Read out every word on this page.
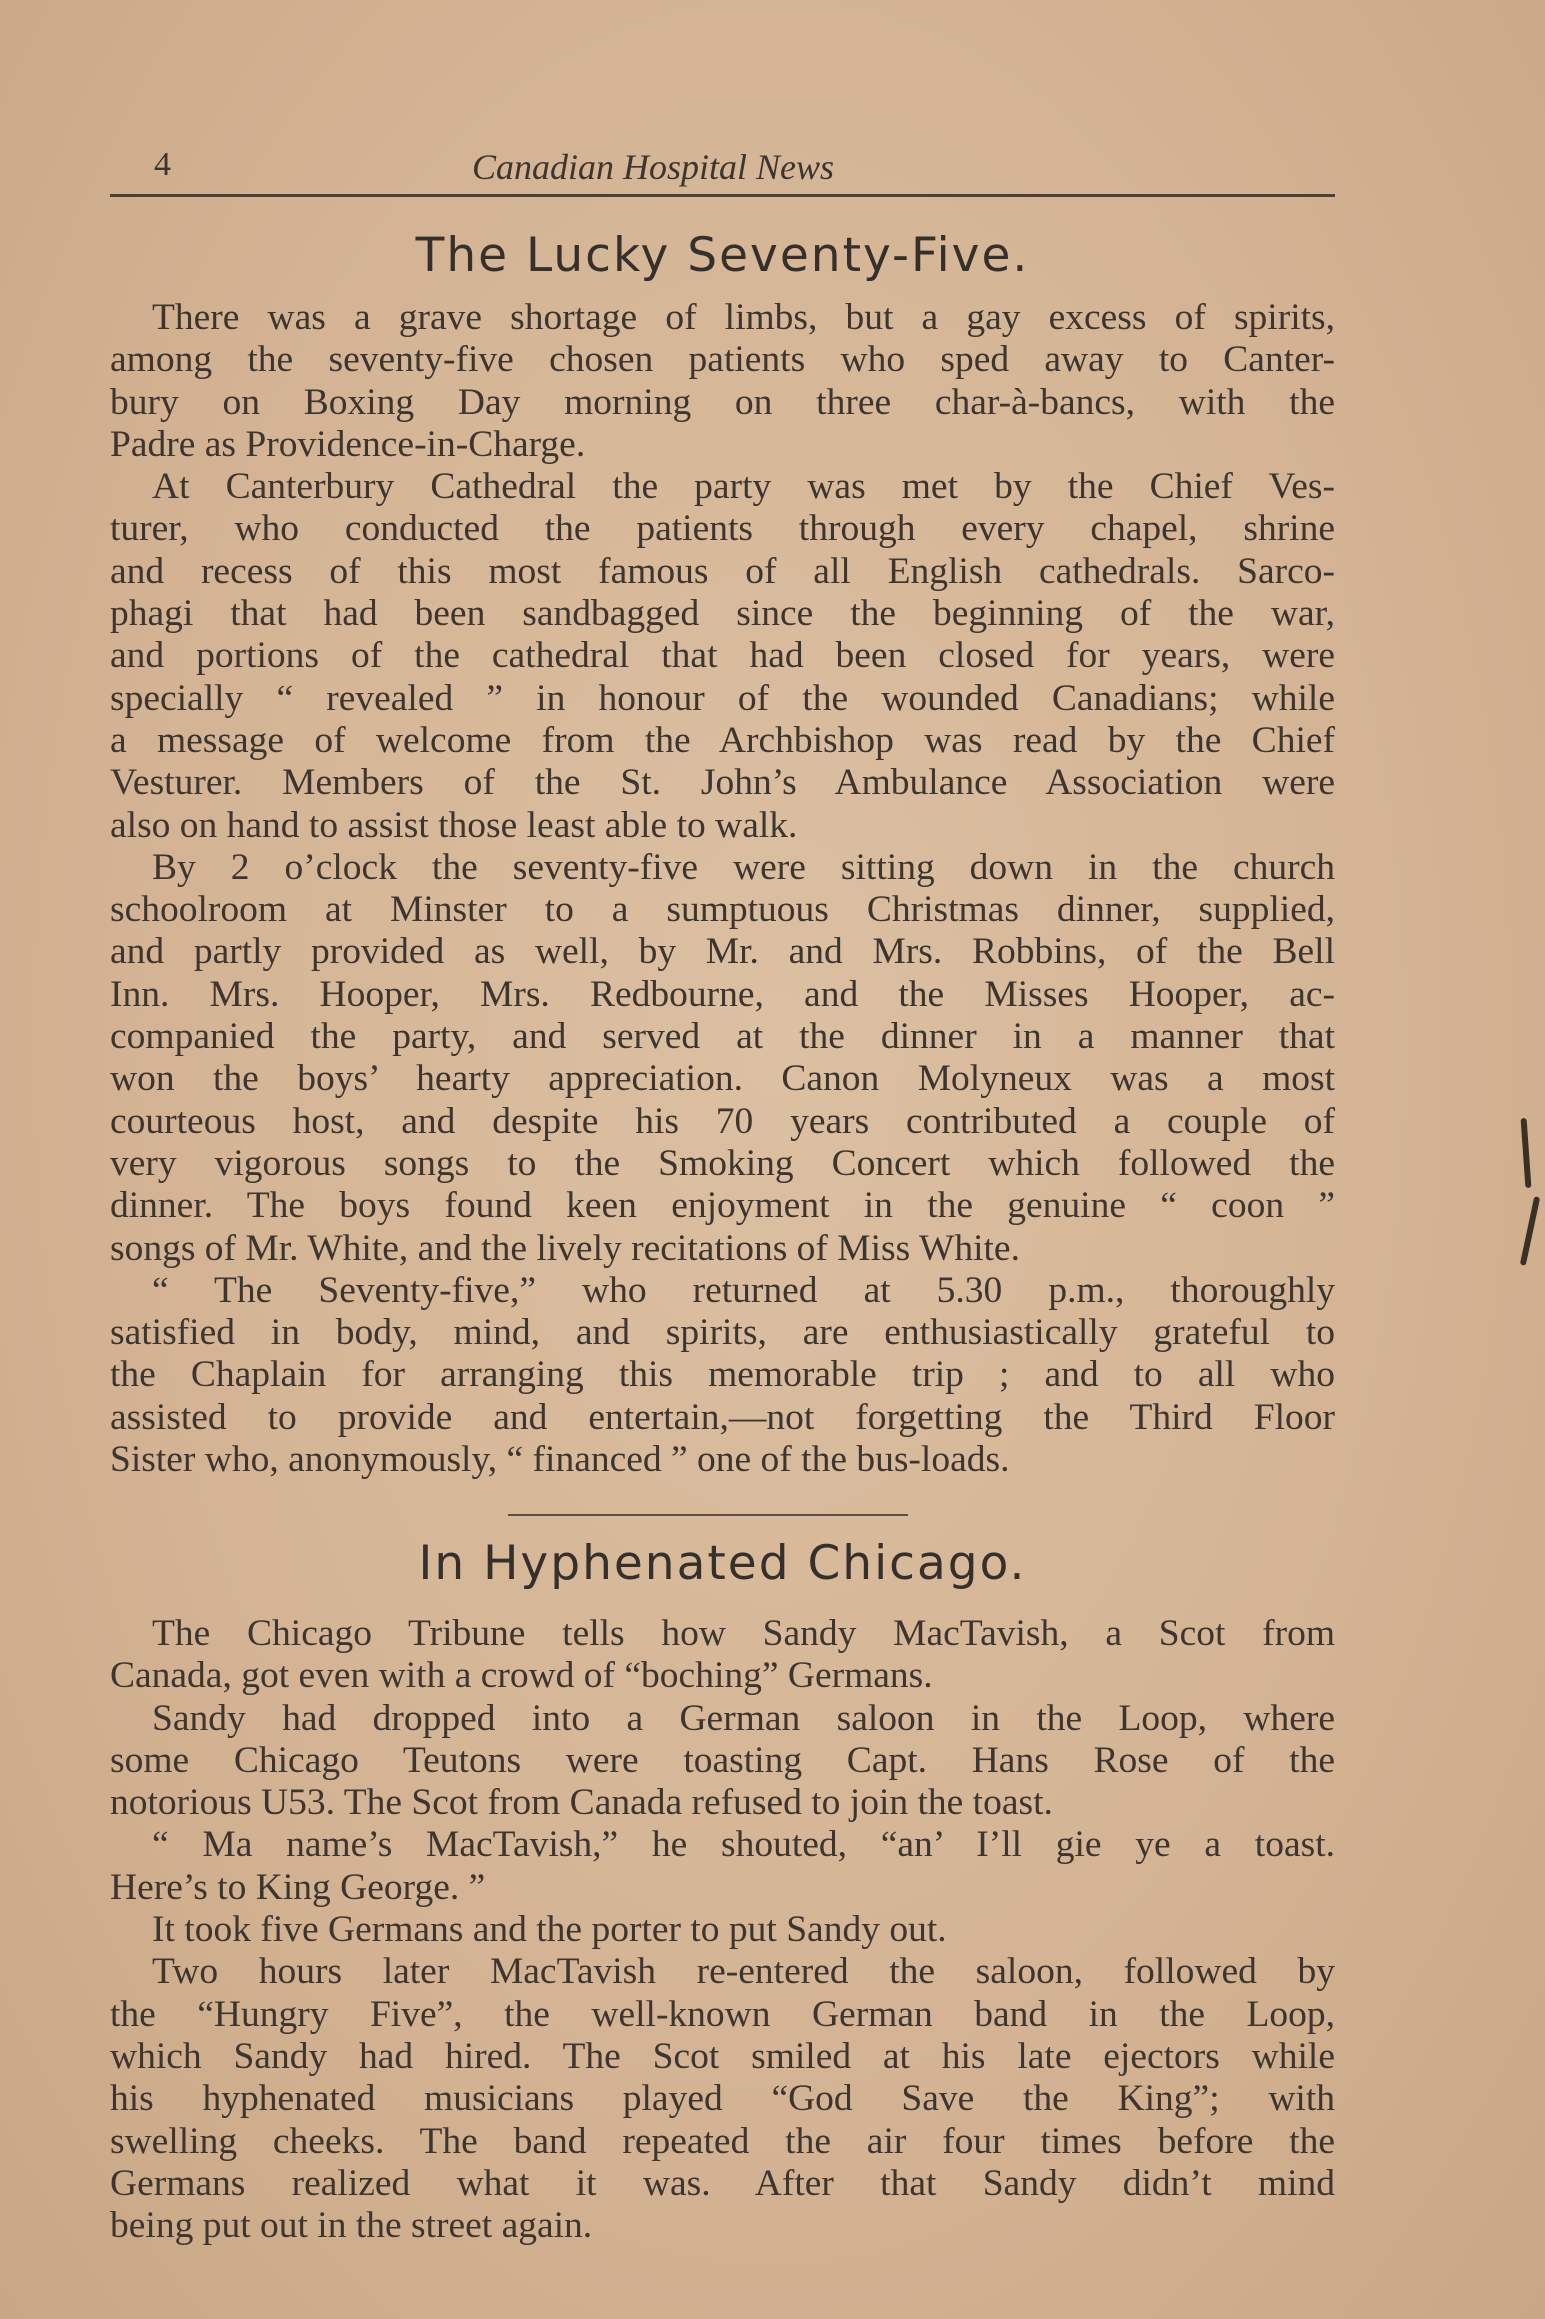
4	Canadian Hospital News
The Lucky Seventy-Five.
There was a grave shortage of limbs, but a gay excess of spirits,
among the seventy-five chosen patients who sped away to Canter-
bury on Boxing Day morning on three char-à-bancs, with the
Padre as Providence-in-Charge.
At Canterbury Cathedral the party was met by the Chief Ves-
turer, who conducted the patients through every chapel, shrine
and recess of this most famous of all English cathedrals. Sarco-
phagi that had been sandbagged since the beginning of the war,
and portions of the cathedral that had been closed for years, were
specially “ revealed ” in honour of the wounded Canadians; while
a message of welcome from the Archbishop was read by the Chief
Vesturer. Members of the St. John’s Ambulance Association were
also on hand to assist those least able to walk.
By 2 o’clock the seventy-five were sitting down in the church
schoolroom at Minster to a sumptuous Christmas dinner, supplied,
and partly provided as well, by Mr. and Mrs. Robbins, of the Bell
Inn. Mrs. Hooper, Mrs. Redbourne, and the Misses Hooper, ac-
companied the party, and served at the dinner in a manner that
won the boys’ hearty appreciation. Canon Molyneux was a most
courteous host, and despite his 70 years contributed a couple of
very vigorous songs to the Smoking Concert which followed the
dinner. The boys found keen enjoyment in the genuine “ coon ”
songs of Mr. White, and the lively recitations of Miss White.
“ The Seventy-five,” who returned at 5.30 p.m., thoroughly
satisfied in body, mind, and spirits, are enthusiastically grateful to
the Chaplain for arranging this memorable trip ; and to all who
assisted to provide and entertain,—not forgetting the Third Floor
Sister who, anonymously, “ financed ” one of the bus-loads.
In Hyphenated Chicago.
The Chicago Tribune tells how Sandy MacTavish, a Scot from
Canada, got even with a crowd of “boching” Germans.
Sandy had dropped into a German saloon in the Loop, where
some Chicago Teutons were toasting Capt. Hans Rose of the
notorious U53. The Scot from Canada refused to join the toast.
“ Ma name’s MacTavish,” he shouted, “an’ I’ll gie ye a toast.
Here’s to King George. ”
It took five Germans and the porter to put Sandy out.
Two hours later MacTavish re-entered the saloon, followed by
the “Hungry Five”, the well-known German band in the Loop,
which Sandy had hired. The Scot smiled at his late ejectors while
his hyphenated musicians played “God Save the King”; with
swelling cheeks. The band repeated the air four times before the
Germans realized what it was. After that Sandy didn’t mind
being put out in the street again.
